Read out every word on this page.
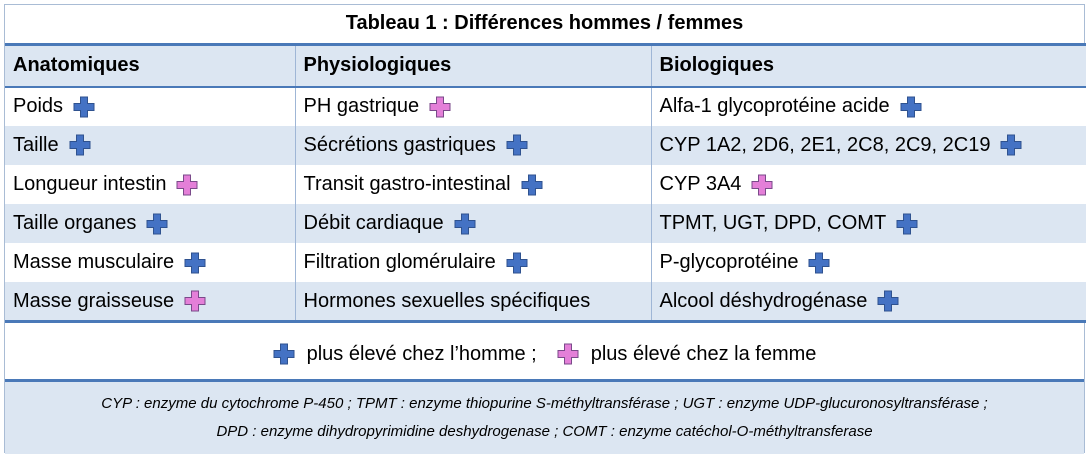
Tableau 1 : Différences hommes / femmes
Anatomiques	Physiologiques	Biologiques
Poids	PH gastrique	Alfa-1 glycoprotéine acide

Taille	Sécrétions gastriques	CYP 1A2, 2D6, 2E1, 2C8, 2C9, 2C19

Longueur intestin	Transit gastro-intestinal	CYP 3A4

Taille organes	Débit cardiaque	TPMT, UGT, DPD, COMT

Masse musculaire	Filtration glomérulaire	P-glycoprotéine

Masse graisseuse	Hormones sexuelles spécifiques	Alcool déshydrogénase
plus élevé chez l’homme ;	plus élevé chez la femme
CYP : enzyme du cytochrome P-450 ; TPMT : enzyme thiopurine S-méthyltransférase ; UGT : enzyme UDP-glucuronosyltransférase ;
DPD : enzyme dihydropyrimidine deshydrogenase ; COMT : enzyme catéchol-O-méthyltransferase
